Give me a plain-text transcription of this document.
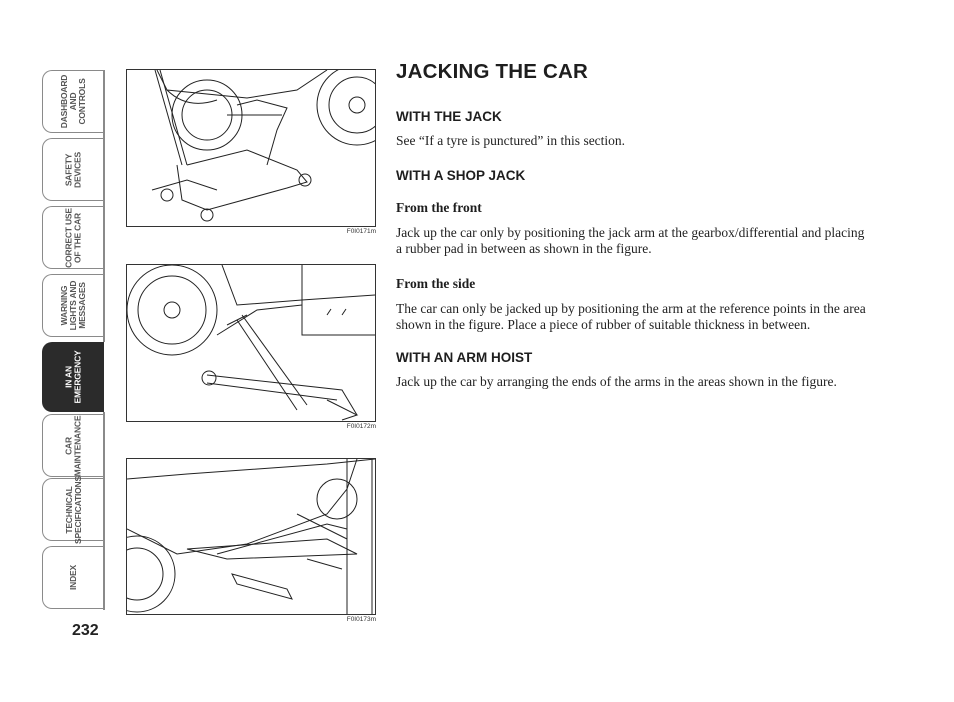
DASHBOARD
AND
CONTROLS
SAFETY
DEVICES
CORRECT USE
OF THE CAR
WARNING
LIGHTS AND
MESSAGES
IN AN
EMERGENCY
CAR
MAINTENANCE
TECHNICAL
SPECIFICATIONS
INDEX
232
F0I0171m
F0I0172m
F0I0173m
JACKING THE CAR
WITH THE JACK

See “If a tyre is punctured” in this section.

WITH A SHOP JACK
From the front

Jack up the car only by positioning the jack arm at the gearbox/differential and placing a rubber pad in between as shown in the figure.

From the side

The car can only be jacked up by positioning the arm at the reference points in the area shown in the figure. Place a piece of rubber of suitable thickness in between.

WITH AN ARM HOIST

Jack up the car by arranging the ends of the arms in the areas shown in the figure.
